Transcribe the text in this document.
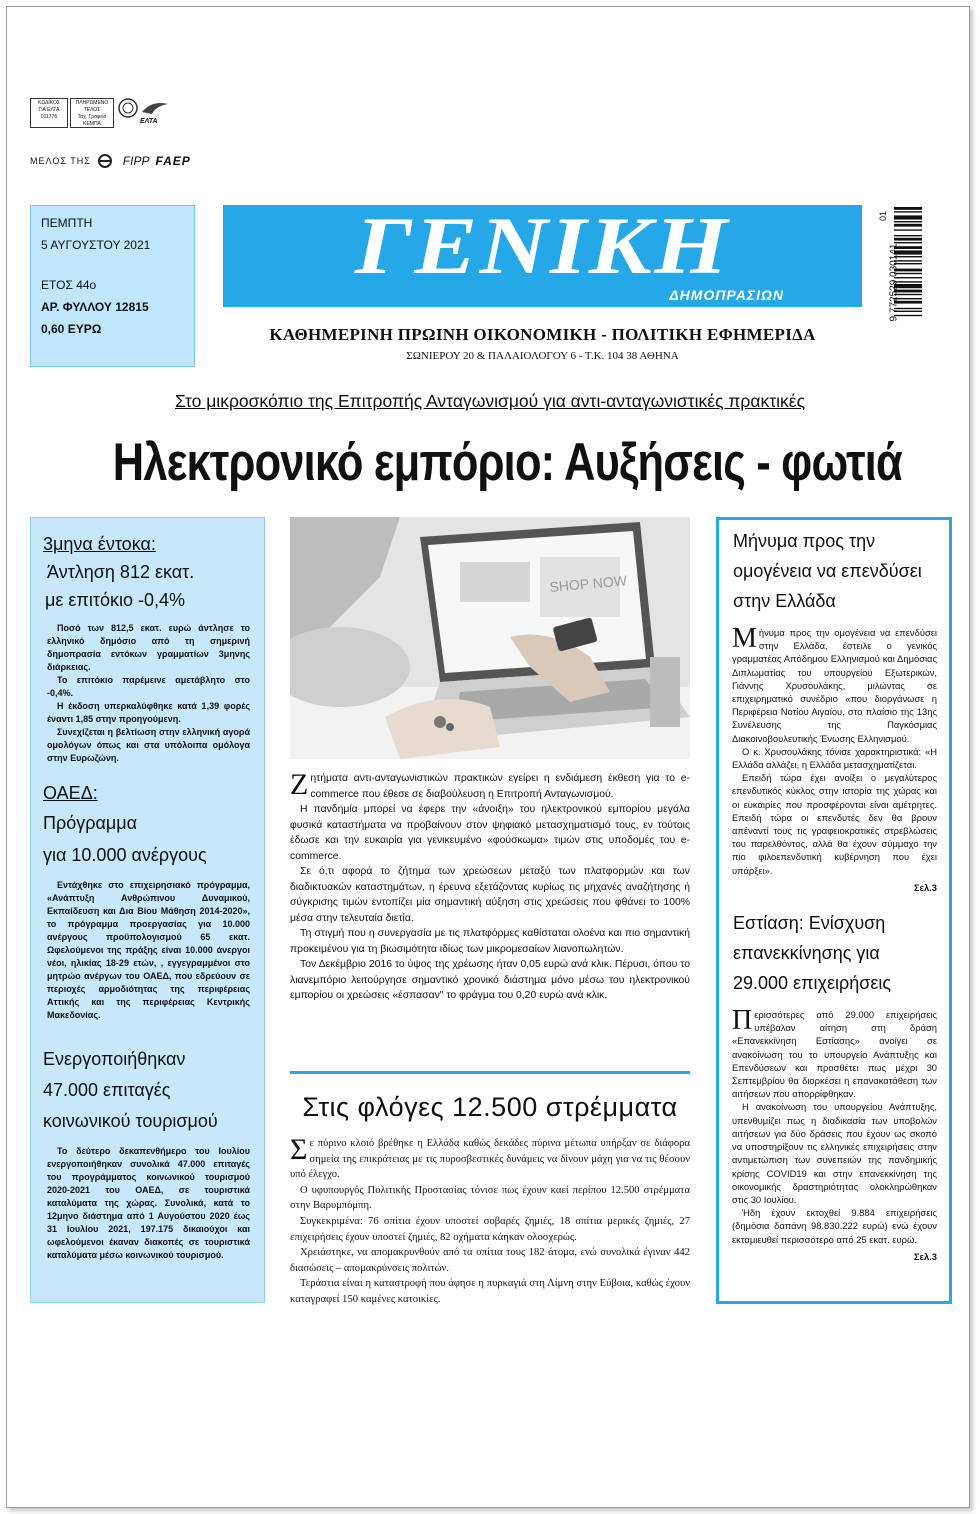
ΚΩΔΙΚΟΣ
ΓΙΑ ΕΛΤΑ
011776
ΠΛΗΡΩΜΕΝΟ
ΤΕΛΟΣ
Ταχ. Γραφείο
ΚΕΜΠΑ	ΕΛΤΑ
ΜΕΛΟΣ ΤΗΣ	FIPP FAEP
ΠΕΜΠΤΗ
5 ΑΥΓΟΥΣΤΟΥ 2021
ΕΤΟΣ 44ο
ΑΡ. ΦΥΛΛΟΥ 12815
0,60 ΕΥΡΩ
ΓΕΝΙΚΗ
ΔΗΜΟΠΡΑΣΙΩΝ
ΚΑΘΗΜΕΡΙΝΗ ΠΡΩΙΝΗ ΟΙΚΟΝΟΜΙΚΗ - ΠΟΛΙΤΙΚΗ ΕΦΗΜΕΡΙΔΑ
ΣΩΝΙΕΡΟΥ 20 & ΠΑΛΑΙΟΛΟΓΟΥ 6 - Τ.Κ. 104 38 ΑΘΗΝΑ
9 772529 030141
01
Στο μικροσκόπιο της Επιτροπής Ανταγωνισμού για αντι-ανταγωνιστικές πρακτικές
Ηλεκτρονικό εμπόριο: Αυξήσεις - φωτιά
3μηνα έντοκα:
Άντληση 812 εκατ.
με επιτόκιο -0,4%

Ποσό των 812,5 εκατ. ευρώ άντλησε το ελληνικό δημόσιο από τη σημερινή δημοπρασία εντόκων γραμματίων 3μηνης διάρκειας.

Το επιτόκιο παρέμεινε αμετάβλητο στο -0,4%.

Η έκδοση υπερκαλύφθηκε κατά 1,39 φορές έναντι 1,85 στην προηγούμενη.

Συνεχίζεται η βελτίωση στην ελληνική αγορά ομολόγων όπως και στα υπόλοιπα ομόλογα στην Ευρωζώνη.

ΟΑΕΔ:
Πρόγραμμα
για 10.000 ανέργους

Εντάχθηκε στο επιχειρησιακό πρόγραμμα, «Ανάπτυξη Ανθρώπινου Δυναμικού, Εκπαίδευση και Δια Βίου Μάθηση 2014-2020», το πρόγραμμα προεργασίας για 10.000 ανέργους προϋπολογισμού 65 εκατ. Ωφελούμενοι της πράξης είναι 10.000 άνεργοι νέοι, ηλικίας 18-29 ετών, , εγγεγραμμένοι στο μητρώο ανέργων του ΟΑΕΔ, που εδρεύουν σε περιοχές αρμοδιότητας της περιφέρειας Αττικής και της περιφέρειας Κεντρικής Μακεδονίας.

Ενεργοποιήθηκαν
47.000 επιταγές
κοινωνικού τουρισμού

Το δεύτερο δεκαπενθήμερο του Ιουλίου ενεργοποιήθηκαν συνολικά 47.000 επιταγές του προγράμματος κοινωνικού τουρισμού 2020-2021 του ΟΑΕΔ, σε τουριστικά καταλύματα της χώρας. Συνολικά, κατά το 12μηνο διάστημα από 1 Αυγούστου 2020 έως 31 Ιουλίου 2021, 197.175 δικαιούχοι και ωφελούμενοι έκαναν διακοπές σε τουριστικά καταλύματα μέσω κοινωνικού τουρισμού.

SHOP NOW
Ζ ητήματα αντι-ανταγωνιστικών πρακτικών εγείρει η ενδιάμεση έκθεση για το e-commerce που έθεσε σε διαβούλευση η Επιτροπή Ανταγωνισμού.

Η πανδημία μπορεί να έφερε την «άνοιξη» του ηλεκτρονικού εμπορίου μεγάλα φυσικά καταστήματα να προβαίνουν στον ψηφιακό μετασχηματισμό τους, εν τούτοις έδωσε και την ευκαιρία για γενικευμένο «φούσκωμα» τιμών στις υποδομές του e-commerce.

Σε ό,τι αφορά το ζήτημα των χρεώσεων μεταξύ των πλατφορμών και των διαδικτυακών καταστημάτων, η έρευνα εξετάζοντας κυρίως τις μηχανές αναζήτησης ή σύγκρισης τιμών εντοπίζει μία σημαντική αύξηση στις χρεώσεις που φθάνει το 100% μέσα στην τελευταία διετία.

Τη στιγμή που η συνεργασία με τις πλατφόρμες καθίσταται ολοένα και πιο σημαντική προκειμένου για τη βιωσιμότητα ιδίως των μικρομεσαίων λιανοπωλητών.

Τον Δεκέμβριο 2016 το ύψος της χρέωσης ήταν 0,05 ευρώ ανά κλικ. Πέρυσι, όπου το λιανεμπόριο λειτούργησε σημαντικό χρονικό διάστημα μόνο μέσω του ηλεκτρονικού εμπορίου οι χρεώσεις «έσπασαν" το φράγμα του 0,20 ευρώ ανά κλικ.

Στις φλόγες 12.500 στρέμματα
Σ ε πύρινο κλοιό βρέθηκε η Ελλάδα καθώς δεκάδες πύρινα μέτωπα υπήρξαν σε διάφορα σημεία της επικράτειας με τις πυροσβεστικές δυνάμεις να δίνουν μάχη για να τις θέσουν υπό έλεγχο.

Ο υφυπουργός Πολιτικής Προστασίας τόνισε πως έχουν καεί περίπου 12.500 στρέμματα στην Βαρυμπόμπη.

Συγκεκριμένα: 76 σπίτια έχουν υποστεί σοβαρές ζημιές, 18 σπίτια μερικές ζημιές, 27 επιχειρήσεις έχουν υποστεί ζημιές, 82 οχήματα κάηκαν ολοσχερώς.

Χρειάστηκε, να απομακρυνθούν από τα σπίτια τους 182 άτομα, ενώ συνολικά έγιναν 442 διασώσεις – απομακρύνσεις πολιτών.

Τεράστια είναι η καταστροφή που άφησε η πυρκαγιά στη Λίμνη στην Εύβοια, καθώς έχουν καταγραφεί 150 καμένες κατοικίες.

Μήνυμα προς την
ομογένεια να επενδύσει
στην Ελλάδα
Μ ήνυμα προς την ομογένεια να επενδύσει στην Ελλάδα, έστειλε ο γενικός γραμματέας Απόδημου Ελληνισμού και Δημόσιας Διπλωματίας του υπουργείου Εξωτερικών, Γιάννης Χρυσουλάκης, μιλώντας σε επιχειρηματικό συνέδριο «που διοργάνωσε η Περιφέρεια Νοτίου Αιγαίου, στο πλαίσιο της 13ης Συνέλευσης της Παγκόσμιας Διακοινοβουλευτικής Ένωσης Ελληνισμού.

Ο κ. Χρυσουλάκης τόνισε χαρακτηριστικά: «Η Ελλάδα αλλάζει, η Ελλάδα μετασχηματίζεται.

Επειδή τώρα έχει ανοίξει ο μεγαλύτερος επενδυτικός κύκλος στην ιστορία της χώρας και οι ευκαιρίες που προσφέρονται είναι αμέτρητες. Επειδή τώρα οι επενδυτές δεν θα βρουν απέναντί τους τις γραφειοκρατικές στρεβλώσεις του παρελθόντος, αλλά θα έχουν σύμμαχο την πιο φιλοεπενδυτική κυβέρνηση που έχει υπάρξει».

Σελ.3
Εστίαση: Ενίσχυση
επανεκκίνησης για
29.000 επιχειρήσεις
Π ερισσότερες από 29.000 επιχειρήσεις υπέβαλαν αίτηση στη δράση «Επανεκκίνηση Εστίασης» ανοίγει σε ανακοίνωση του το υπουργείο Ανάπτυξης και Επενδύσεων και προσθέτει πως μέχρι 30 Σεπτεμβρίου θα διορκέσει η επανακατάθεση των αιτήσεων που απορρίφθηκαν.

Η ανακοίνωση του υπουργείου Ανάπτυξης, υπενθυμίζει πως η διαδικασία των υποβολών αιτήσεων για δύο δράσεις που έχουν ως σκοπό να υποστηρίξουν τις ελληνικές επιχειρήσεις στην αντιμετώπιση των συνεπειών της πανδημικής κρίσης COVID19 και στην επανεκκίνηση της οικονομικής δραστηριότητας ολοκληρώθηκαν στις 30 Ιουλίου.

Ήδη έχουν εκτοχθεί 9.884 επιχειρήσεις (δημόσια δαπάνη 98.830.222 ευρώ) ενώ έχουν εκταμιευθεί περισσότερο από 25 εκατ. ευρώ.

Σελ.3
